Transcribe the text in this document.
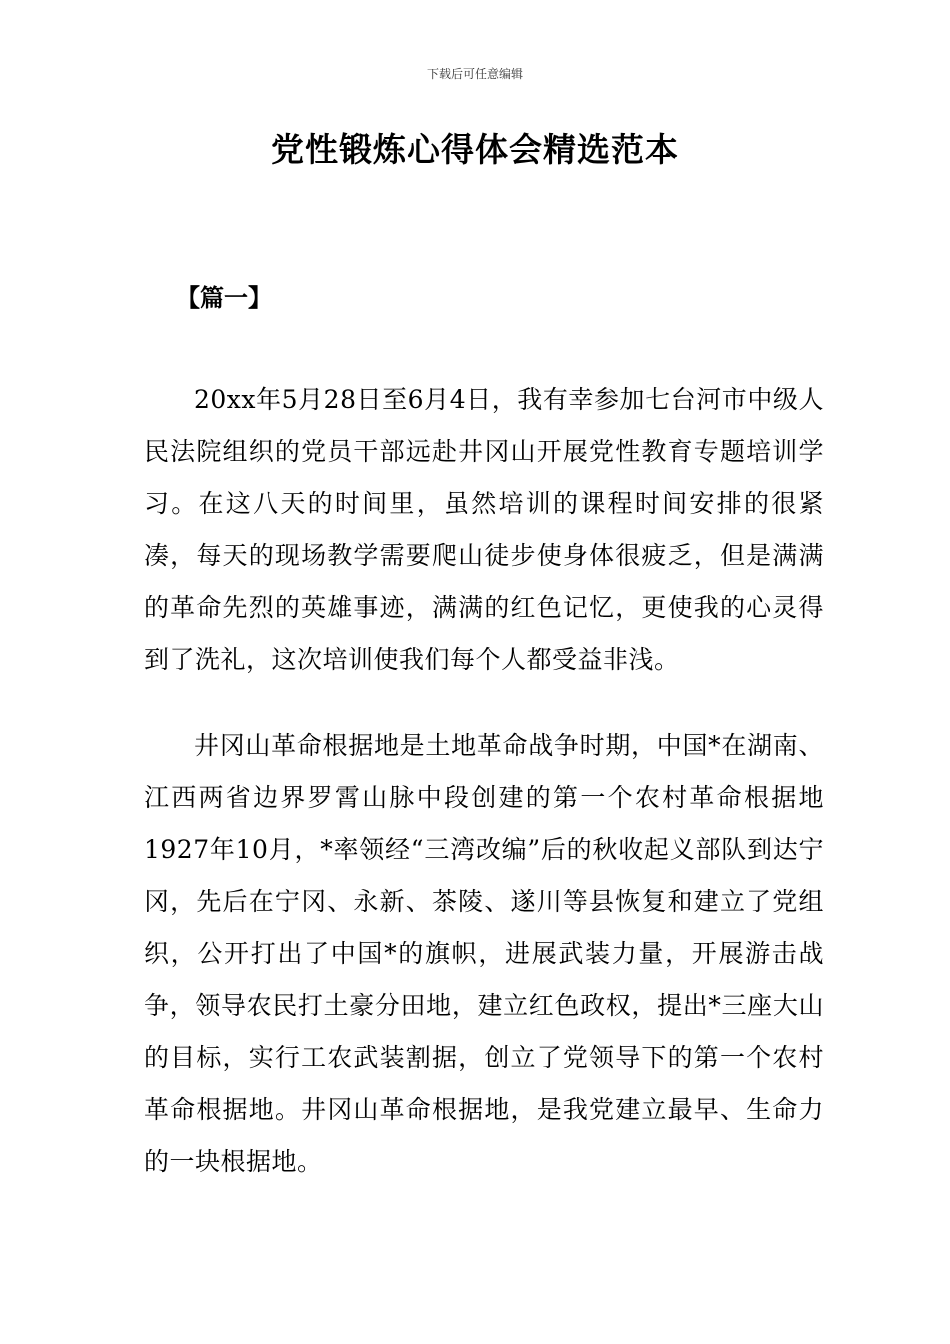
下载后可任意编辑
党性锻炼心得体会精选范本
【篇一】

20xx年5月28日至6月4日，我有幸参加七台河市中级人民法院组织的党员干部远赴井冈山开展党性教育专题培训学习。在这八天的时间里，虽然培训的课程时间安排的很紧凑，每天的现场教学需要爬山徒步使身体很疲乏，但是满满的革命先烈的英雄事迹，满满的红色记忆，更使我的心灵得到了洗礼，这次培训使我们每个人都受益非浅。

井冈山革命根据地是土地革命战争时期，中国*在湖南、江西两省边界罗霄山脉中段创建的第一个农村革命根据地1927年10月，*率领经“三湾改编”后的秋收起义部队到达宁冈，先后在宁冈、永新、茶陵、遂川等县恢复和建立了党组织，公开打出了中国*的旗帜，进展武装力量，开展游击战争，领导农民打土豪分田地，建立红色政权，提出*三座大山的目标，实行工农武装割据，创立了党领导下的第一个农村革命根据地。井冈山革命根据地，是我党建立最早、生命力的一块根据地。
